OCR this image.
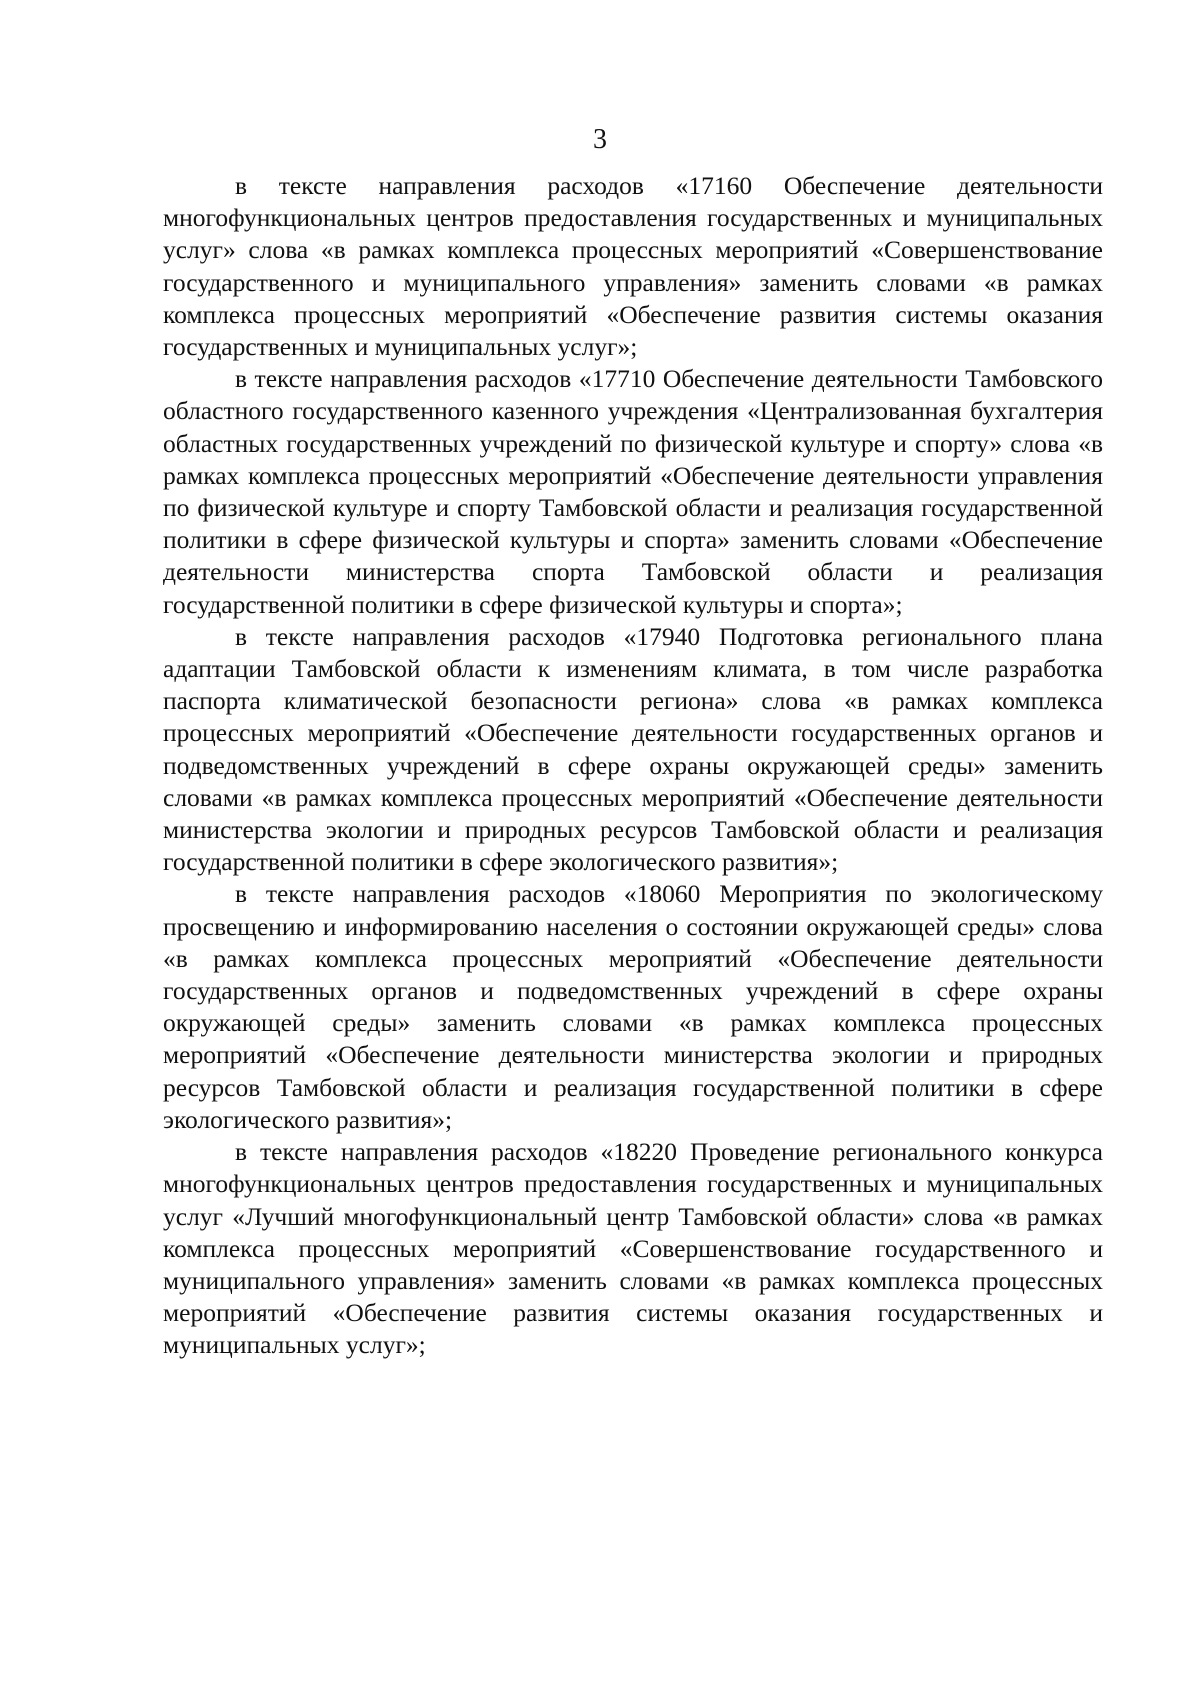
3

в тексте направления расходов «17160 Обеспечение деятельности многофункциональных центров предоставления государственных и муниципальных услуг» слова «в рамках комплекса процессных мероприятий «Совершенствование государственного и муниципального управления» заменить словами «в рамках комплекса процессных мероприятий «Обеспечение развития системы оказания государственных и муниципальных услуг»;

в тексте направления расходов «17710 Обеспечение деятельности Тамбовского областного государственного казенного учреждения «Централизованная бухгалтерия областных государственных учреждений по физической культуре и спорту» слова «в рамках комплекса процессных мероприятий «Обеспечение деятельности управления по физической культуре и спорту Тамбовской области и реализация государственной политики в сфере физической культуры и спорта» заменить словами «Обеспечение деятельности министерства спорта Тамбовской области и реализация государственной политики в сфере физической культуры и спорта»;

в тексте направления расходов «17940 Подготовка регионального плана адаптации Тамбовской области к изменениям климата, в том числе разработка паспорта климатической безопасности региона» слова «в рамках комплекса процессных мероприятий «Обеспечение деятельности государственных органов и подведомственных учреждений в сфере охраны окружающей среды» заменить словами «в рамках комплекса процессных мероприятий «Обеспечение деятельности министерства экологии и природных ресурсов Тамбовской области и реализация государственной политики в сфере экологического развития»;

в тексте направления расходов «18060 Мероприятия по экологическому просвещению и информированию населения о состоянии окружающей среды» слова «в рамках комплекса процессных мероприятий «Обеспечение деятельности государственных органов и подведомственных учреждений в сфере охраны окружающей среды» заменить словами «в рамках комплекса процессных мероприятий «Обеспечение деятельности министерства экологии и природных ресурсов Тамбовской области и реализация государственной политики в сфере экологического развития»;

в тексте направления расходов «18220 Проведение регионального конкурса многофункциональных центров предоставления государственных и муниципальных услуг «Лучший многофункциональный центр Тамбовской области» слова «в рамках комплекса процессных мероприятий «Совершенствование государственного и муниципального управления» заменить словами «в рамках комплекса процессных мероприятий «Обеспечение развития системы оказания государственных и муниципальных услуг»;
